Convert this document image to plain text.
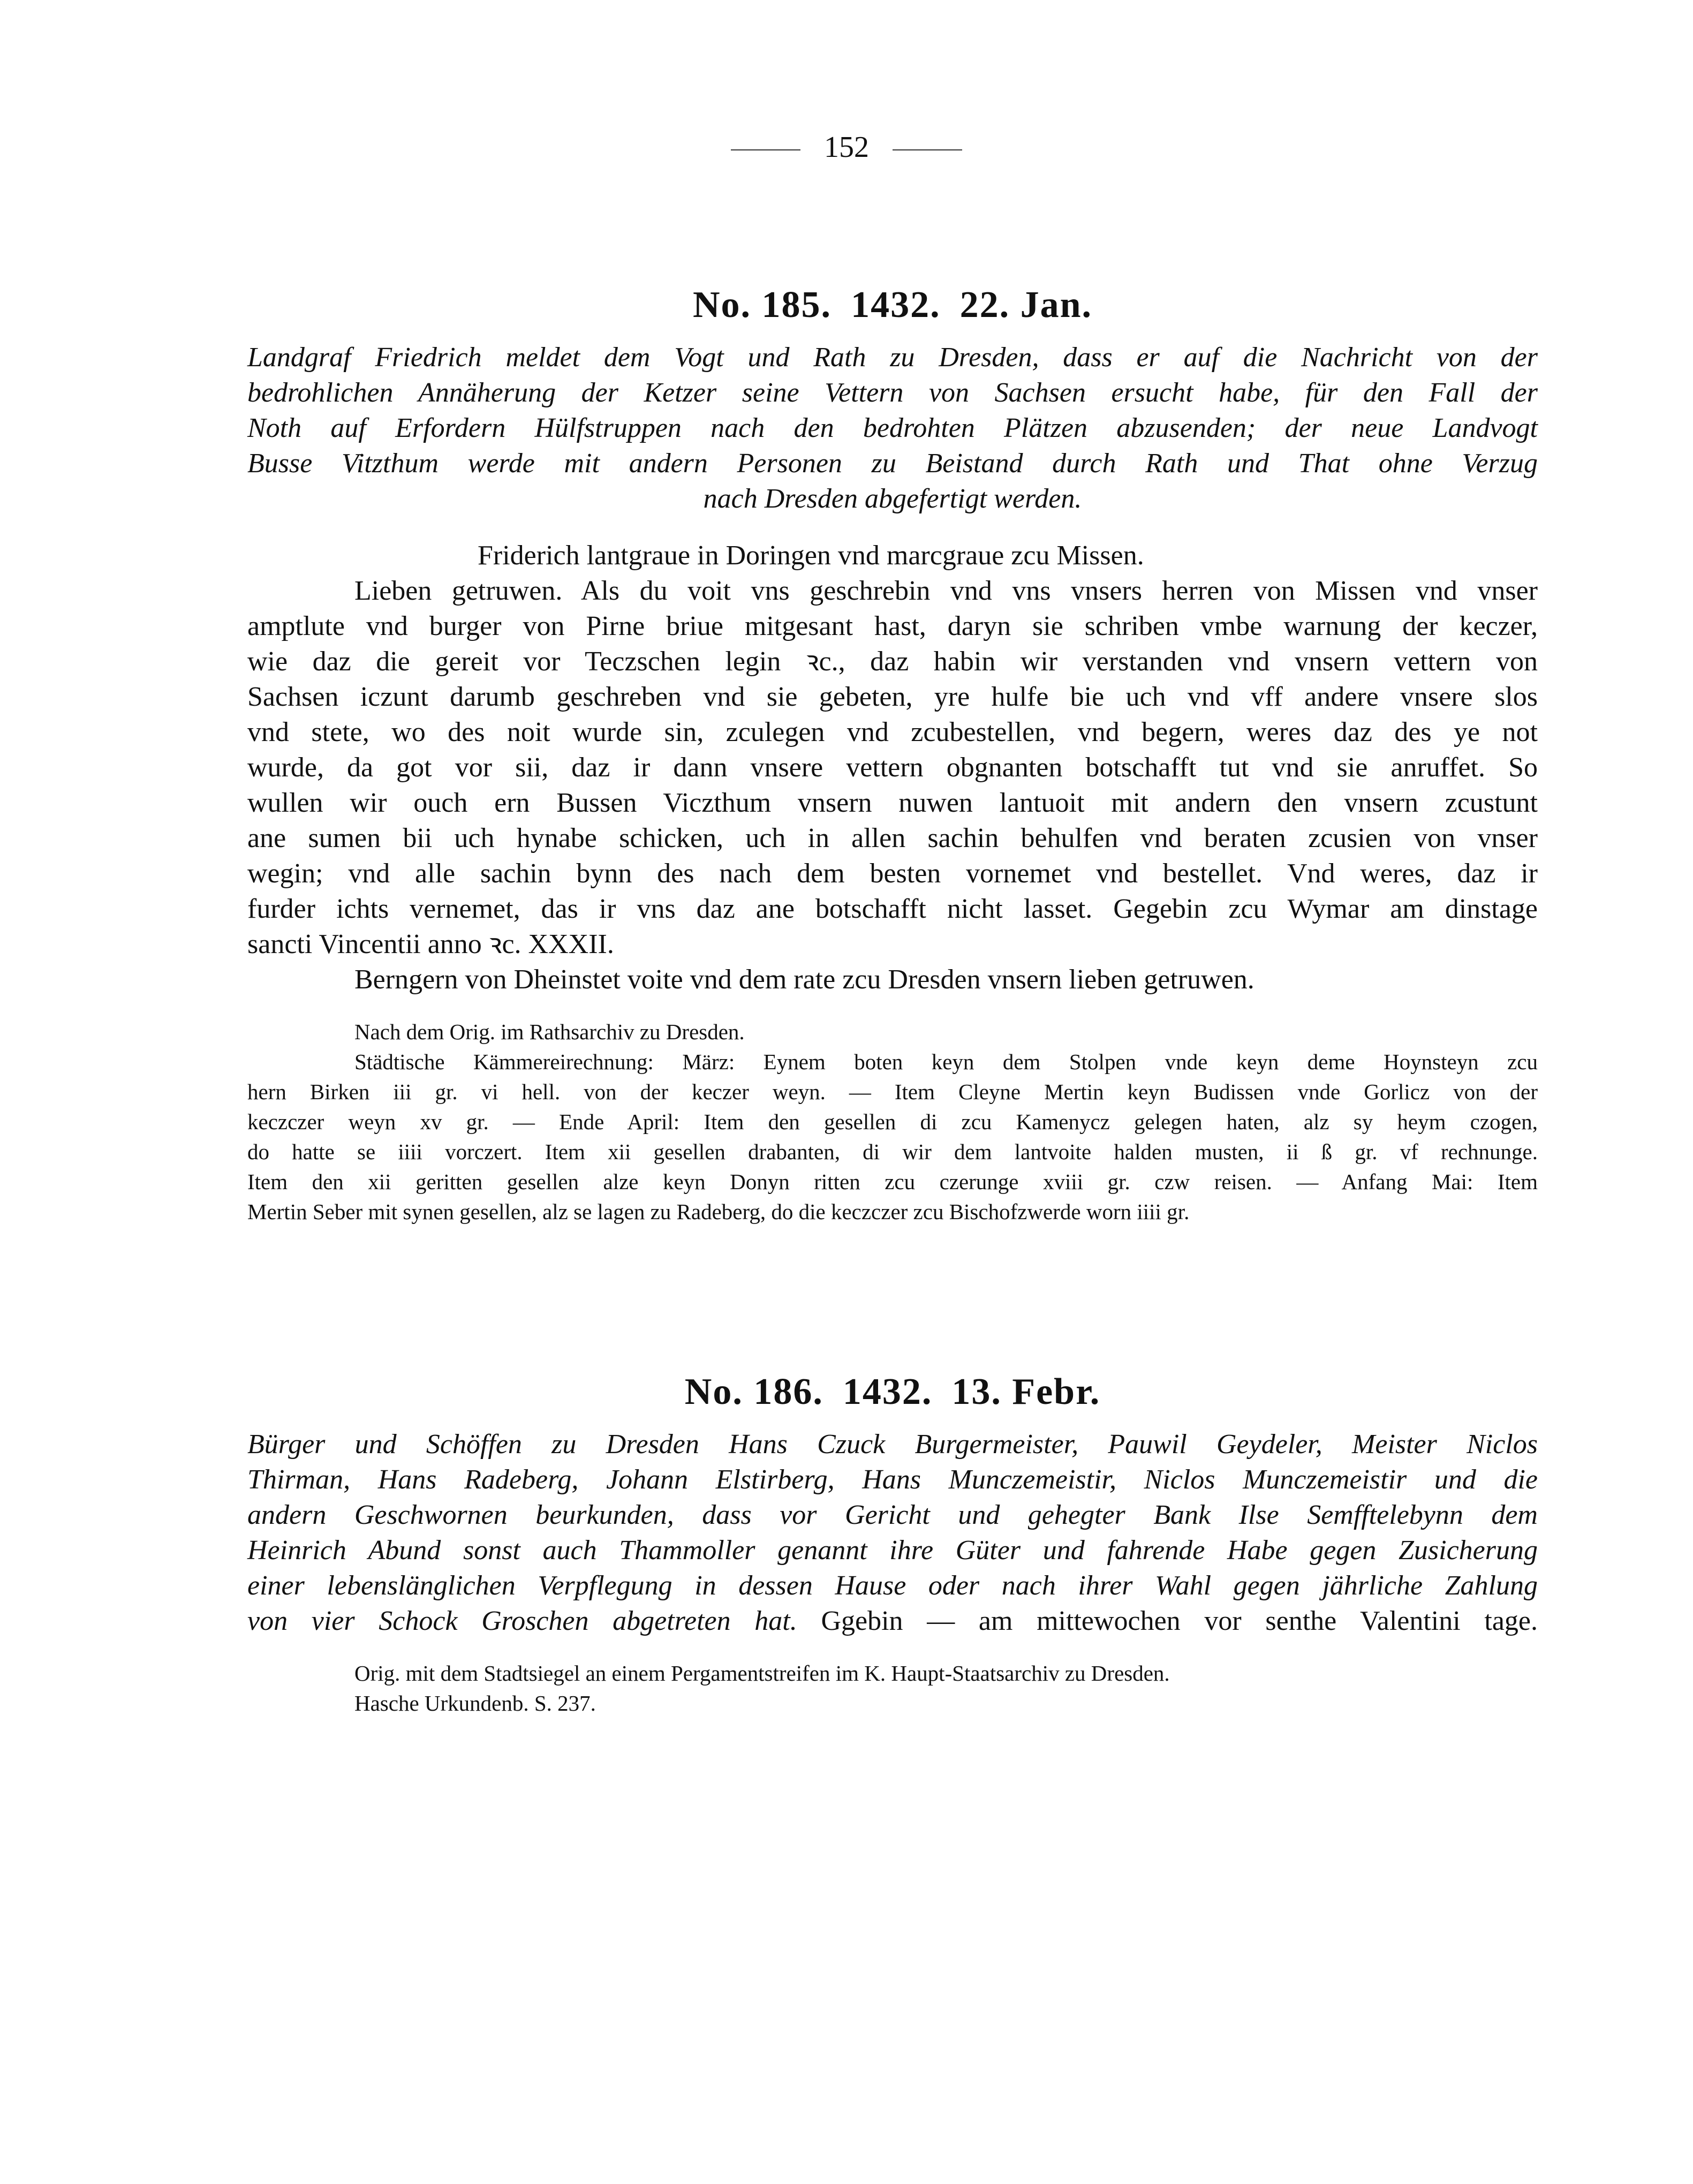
152
No. 185. 1432. 22. Jan.
Landgraf Friedrich meldet dem Vogt und Rath zu Dresden, dass er auf die Nachricht von der
bedrohlichen Annäherung der Ketzer seine Vettern von Sachsen ersucht habe, für den Fall der
Noth auf Erfordern Hülfstruppen nach den bedrohten Plätzen abzusenden; der neue Landvogt
Busse Vitzthum werde mit andern Personen zu Beistand durch Rath und That ohne Verzug
nach Dresden abgefertigt werden.
Friderich lantgraue in Doringen vnd marcgraue zcu Missen.
Lieben getruwen. Als du voit vns geschrebin vnd vns vnsers herren von Missen vnd vnser
amptlute vnd burger von Pirne briue mitgesant hast, daryn sie schriben vmbe warnung der keczer,
wie daz die gereit vor Teczschen legin ꝛc., daz habin wir verstanden vnd vnsern vettern von
Sachsen iczunt darumb geschreben vnd sie gebeten, yre hulfe bie uch vnd vff andere vnsere slos
vnd stete, wo des noit wurde sin, zculegen vnd zcubestellen, vnd begern, weres daz des ye not
wurde, da got vor sii, daz ir dann vnsere vettern obgnanten botschafft tut vnd sie anruffet. So
wullen wir ouch ern Bussen Viczthum vnsern nuwen lantuoit mit andern den vnsern zcustunt
ane sumen bii uch hynabe schicken, uch in allen sachin behulfen vnd beraten zcusien von vnser
wegin; vnd alle sachin bynn des nach dem besten vornemet vnd bestellet. Vnd weres, daz ir
furder ichts vernemet, das ir vns daz ane botschafft nicht lasset. Gegebin zcu Wymar am dinstage
sancti Vincentii anno ꝛc. XXXII.
Berngern von Dheinstet voite vnd dem rate zcu Dresden vnsern lieben getruwen.
Nach dem Orig. im Rathsarchiv zu Dresden.
Städtische Kämmereirechnung: März: Eynem boten keyn dem Stolpen vnde keyn deme Hoynsteyn zcu
hern Birken iii gr. vi hell. von der keczer weyn. — Item Cleyne Mertin keyn Budissen vnde Gorlicz von der
keczczer weyn xv gr. — Ende April: Item den gesellen di zcu Kamenycz gelegen haten, alz sy heym czogen,
do hatte se iiii vorczert. Item xii gesellen drabanten, di wir dem lantvoite halden musten, ii ß gr. vf rechnunge.
Item den xii geritten gesellen alze keyn Donyn ritten zcu czerunge xviii gr. czw reisen. — Anfang Mai: Item
Mertin Seber mit synen gesellen, alz se lagen zu Radeberg, do die keczczer zcu Bischofzwerde worn iiii gr.
No. 186. 1432. 13. Febr.
Bürger und Schöffen zu Dresden Hans Czuck Burgermeister, Pauwil Geydeler, Meister Niclos
Thirman, Hans Radeberg, Johann Elstirberg, Hans Munczemeistir, Niclos Munczemeistir und die
andern Geschwornen beurkunden, dass vor Gericht und gehegter Bank Ilse Semfftelebynn dem
Heinrich Abund sonst auch Thammoller genannt ihre Güter und fahrende Habe gegen Zusicherung
einer lebenslänglichen Verpflegung in dessen Hause oder nach ihrer Wahl gegen jährliche Zahlung
von vier Schock Groschen abgetreten hat. Ggebin — am mittewochen vor senthe Valentini tage.
Orig. mit dem Stadtsiegel an einem Pergamentstreifen im K. Haupt-Staatsarchiv zu Dresden.
Hasche Urkundenb. S. 237.
